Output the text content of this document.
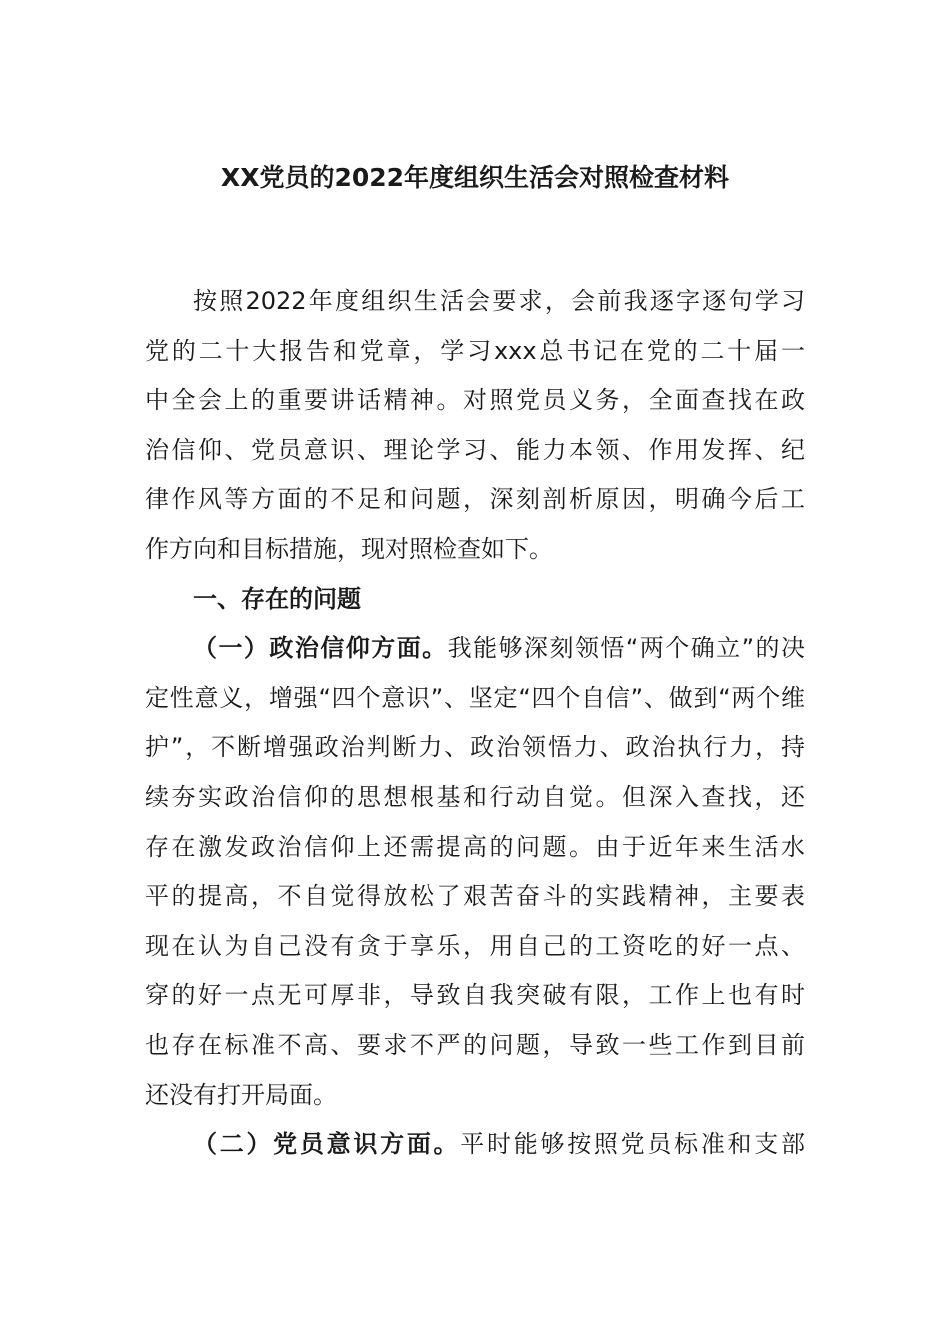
XX党员的2022年度组织生活会对照检查材料
按照2022年度组织生活会要求，会前我逐字逐句学习
党的二十大报告和党章，学习xxx总书记在党的二十届一
中全会上的重要讲话精神。对照党员义务，全面查找在政
治信仰、党员意识、理论学习、能力本领、作用发挥、纪
律作风等方面的不足和问题，深刻剖析原因，明确今后工
作方向和目标措施，现对照检查如下。
一、存在的问题
（一）政治信仰方面。我能够深刻领悟“两个确立”的决
定性意义，增强“四个意识”、坚定“四个自信”、做到“两个维
护”，不断增强政治判断力、政治领悟力、政治执行力，持
续夯实政治信仰的思想根基和行动自觉。但深入查找，还
存在激发政治信仰上还需提高的问题。由于近年来生活水
平的提高，不自觉得放松了艰苦奋斗的实践精神，主要表
现在认为自己没有贪于享乐，用自己的工资吃的好一点、
穿的好一点无可厚非，导致自我突破有限，工作上也有时
也存在标准不高、要求不严的问题，导致一些工作到目前
还没有打开局面。
（二）党员意识方面。平时能够按照党员标准和支部
